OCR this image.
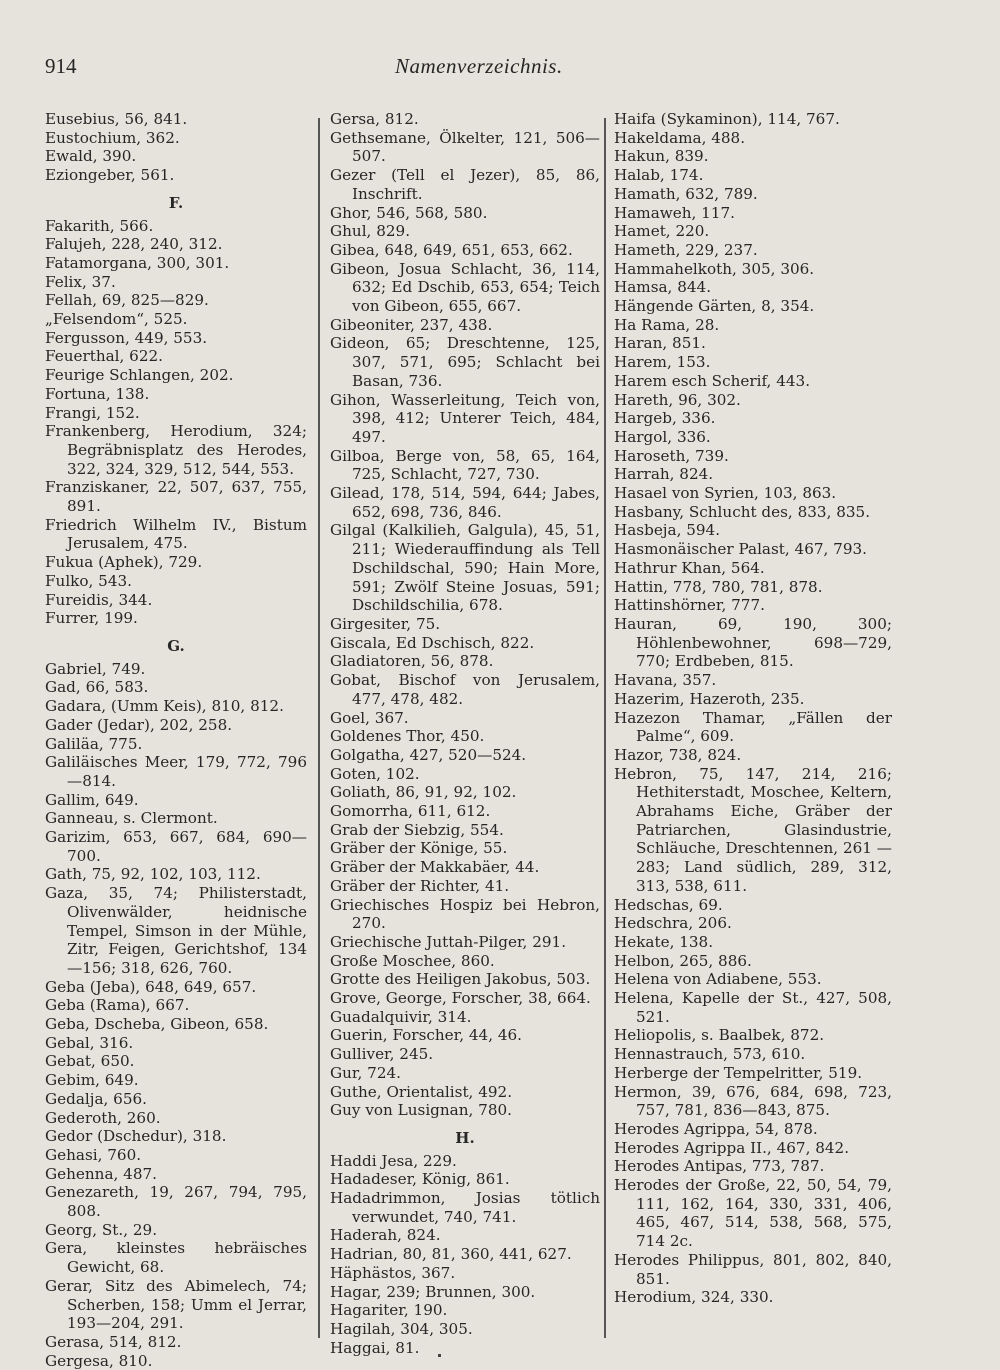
914	Namenverzeichnis.
Eusebius, 56, 841.
Eustochium, 362.
Ewald, 390.
Eziongeber, 561.
F.
Fakarith, 566.
Falujeh, 228, 240, 312.
Fatamorgana, 300, 301.
Felix, 37.
Fellah, 69, 825—829.
„Felsendom“, 525.
Fergusson, 449, 553.
Feuerthal, 622.
Feurige Schlangen, 202.
Fortuna, 138.
Frangi, 152.
Frankenberg, Herodium, 324; Begräbnisplatz des Herodes, 322, 324, 329, 512, 544, 553.
Franziskaner, 22, 507, 637, 755, 891.
Friedrich Wilhelm IV., Bistum Jerusalem, 475.
Fukua (Aphek), 729.
Fulko, 543.
Fureidis, 344.
Furrer, 199.
G.
Gabriel, 749.
Gad, 66, 583.
Gadara, (Umm Keis), 810, 812.
Gader (Jedar), 202, 258.
Galiläa, 775.
Galiläisches Meer, 179, 772, 796 —814.
Gallim, 649.
Ganneau, s. Clermont.
Garizim, 653, 667, 684, 690—700.
Gath, 75, 92, 102, 103, 112.
Gaza, 35, 74; Philisterstadt, Olivenwälder, heidnische Tempel, Simson in der Mühle, Zitr, Feigen, Gerichtshof, 134—156; 318, 626, 760.
Geba (Jeba), 648, 649, 657.
Geba (Rama), 667.
Geba, Dscheba, Gibeon, 658.
Gebal, 316.
Gebat, 650.
Gebim, 649.
Gedalja, 656.
Gederoth, 260.
Gedor (Dschedur), 318.
Gehasi, 760.
Gehenna, 487.
Genezareth, 19, 267, 794, 795, 808.
Georg, St., 29.
Gera, kleinstes hebräisches Gewicht, 68.
Gerar, Sitz des Abimelech, 74; Scherben, 158; Umm el Jerrar, 193—204, 291.
Gerasa, 514, 812.
Gergesa, 810.
Gersa, 812.
Gethsemane, Ölkelter, 121, 506—507.
Gezer (Tell el Jezer), 85, 86, Inschrift.
Ghor, 546, 568, 580.
Ghul, 829.
Gibea, 648, 649, 651, 653, 662.
Gibeon, Josua Schlacht, 36, 114, 632; Ed Dschib, 653, 654; Teich von Gibeon, 655, 667.
Gibeoniter, 237, 438.
Gideon, 65; Dreschtenne, 125, 307, 571, 695; Schlacht bei Basan, 736.
Gihon, Wasserleitung, Teich von, 398, 412; Unterer Teich, 484, 497.
Gilboa, Berge von, 58, 65, 164, 725, Schlacht, 727, 730.
Gilead, 178, 514, 594, 644; Jabes, 652, 698, 736, 846.
Gilgal (Kalkilieh, Galgula), 45, 51, 211; Wiederauffindung als Tell Dschildschal, 590; Hain More, 591; Zwölf Steine Josuas, 591; Dschildschilia, 678.
Girgesiter, 75.
Giscala, Ed Dschisch, 822.
Gladiatoren, 56, 878.
Gobat, Bischof von Jerusalem, 477, 478, 482.
Goel, 367.
Goldenes Thor, 450.
Golgatha, 427, 520—524.
Goten, 102.
Goliath, 86, 91, 92, 102.
Gomorrha, 611, 612.
Grab der Siebzig, 554.
Gräber der Könige, 55.
Gräber der Makkabäer, 44.
Gräber der Richter, 41.
Griechisches Hospiz bei Hebron, 270.
Griechische Juttah-Pilger, 291.
Große Moschee, 860.
Grotte des Heiligen Jakobus, 503.
Grove, George, Forscher, 38, 664.
Guadalquivir, 314.
Guerin, Forscher, 44, 46.
Gulliver, 245.
Gur, 724.
Guthe, Orientalist, 492.
Guy von Lusignan, 780.
H.
Haddi Jesa, 229.
Hadadeser, König, 861.
Hadadrimmon, Josias tötlich verwundet, 740, 741.
Haderah, 824.
Hadrian, 80, 81, 360, 441, 627.
Häphästos, 367.
Hagar, 239; Brunnen, 300.
Hagariter, 190.
Hagilah, 304, 305.
Haggai, 81.
Haifa (Sykaminon), 114, 767.
Hakeldama, 488.
Hakun, 839.
Halab, 174.
Hamath, 632, 789.
Hamaweh, 117.
Hamet, 220.
Hameth, 229, 237.
Hammahelkoth, 305, 306.
Hamsa, 844.
Hängende Gärten, 8, 354.
Ha Rama, 28.
Haran, 851.
Harem, 153.
Harem esch Scherif, 443.
Hareth, 96, 302.
Hargeb, 336.
Hargol, 336.
Haroseth, 739.
Harrah, 824.
Hasael von Syrien, 103, 863.
Hasbany, Schlucht des, 833, 835.
Hasbeja, 594.
Hasmonäischer Palast, 467, 793.
Hathrur Khan, 564.
Hattin, 778, 780, 781, 878.
Hattinshörner, 777.
Hauran, 69, 190, 300; Höhlenbewohner, 698—729, 770; Erdbeben, 815.
Havana, 357.
Hazerim, Hazeroth, 235.
Hazezon Thamar, „Fällen der Palme“, 609.
Hazor, 738, 824.
Hebron, 75, 147, 214, 216; Hethiterstadt, Moschee, Keltern, Abrahams Eiche, Gräber der Patriarchen, Glasindustrie, Schläuche, Dreschtennen, 261 —283; Land südlich, 289, 312, 313, 538, 611.
Hedschas, 69.
Hedschra, 206.
Hekate, 138.
Helbon, 265, 886.
Helena von Adiabene, 553.
Helena, Kapelle der St., 427, 508, 521.
Heliopolis, s. Baalbek, 872.
Hennastrauch, 573, 610.
Herberge der Tempelritter, 519.
Hermon, 39, 676, 684, 698, 723, 757, 781, 836—843, 875.
Herodes Agrippa, 54, 878.
Herodes Agrippa II., 467, 842.
Herodes Antipas, 773, 787.
Herodes der Große, 22, 50, 54, 79, 111, 162, 164, 330, 331, 406, 465, 467, 514, 538, 568, 575, 714 2c.
Herodes Philippus, 801, 802, 840, 851.
Herodium, 324, 330.
